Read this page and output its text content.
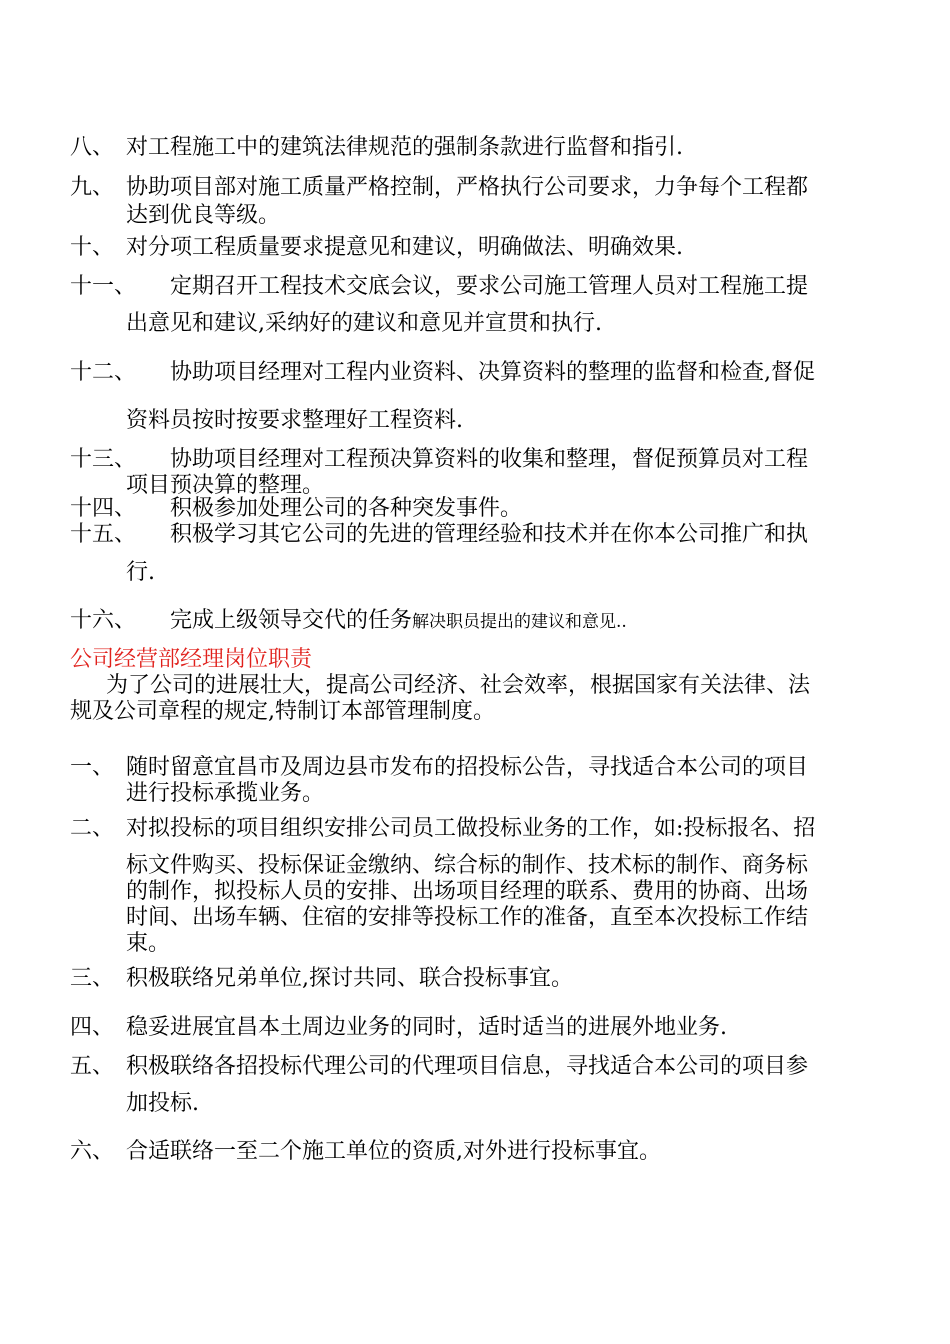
八、 对工程施工中的建筑法律规范的强制条款进行监督和指引.
九、 协助项目部对施工质量严格控制，严格执行公司要求，力争每个工程都
达到优良等级。
十、 对分项工程质量要求提意见和建议，明确做法、明确效果.
十一、 定期召开工程技术交底会议，要求公司施工管理人员对工程施工提
出意见和建议,采纳好的建议和意见并宣贯和执行.
十二、 协助项目经理对工程内业资料、决算资料的整理的监督和检查,督促
资料员按时按要求整理好工程资料.
十三、 协助项目经理对工程预决算资料的收集和整理，督促预算员对工程
项目预决算的整理。
十四、 积极参加处理公司的各种突发事件。
十五、 积极学习其它公司的先进的管理经验和技术并在你本公司推广和执
行.
十六、 完成上级领导交代的任务解决职员提出的建议和意见..
公司经营部经理岗位职责
为了公司的进展壮大，提高公司经济、社会效率，根据国家有关法律、法
规及公司章程的规定,特制订本部管理制度。
一、 随时留意宜昌市及周边县市发布的招投标公告，寻找适合本公司的项目
进行投标承揽业务。
二、 对拟投标的项目组织安排公司员工做投标业务的工作，如:投标报名、招
标文件购买、投标保证金缴纳、综合标的制作、技术标的制作、商务标
的制作，拟投标人员的安排、出场项目经理的联系、费用的协商、出场
时间、出场车辆、住宿的安排等投标工作的准备，直至本次投标工作结
束。
三、 积极联络兄弟单位,探讨共同、联合投标事宜。
四、 稳妥进展宜昌本土周边业务的同时，适时适当的进展外地业务.
五、 积极联络各招投标代理公司的代理项目信息，寻找适合本公司的项目参
加投标.
六、 合适联络一至二个施工单位的资质,对外进行投标事宜。
